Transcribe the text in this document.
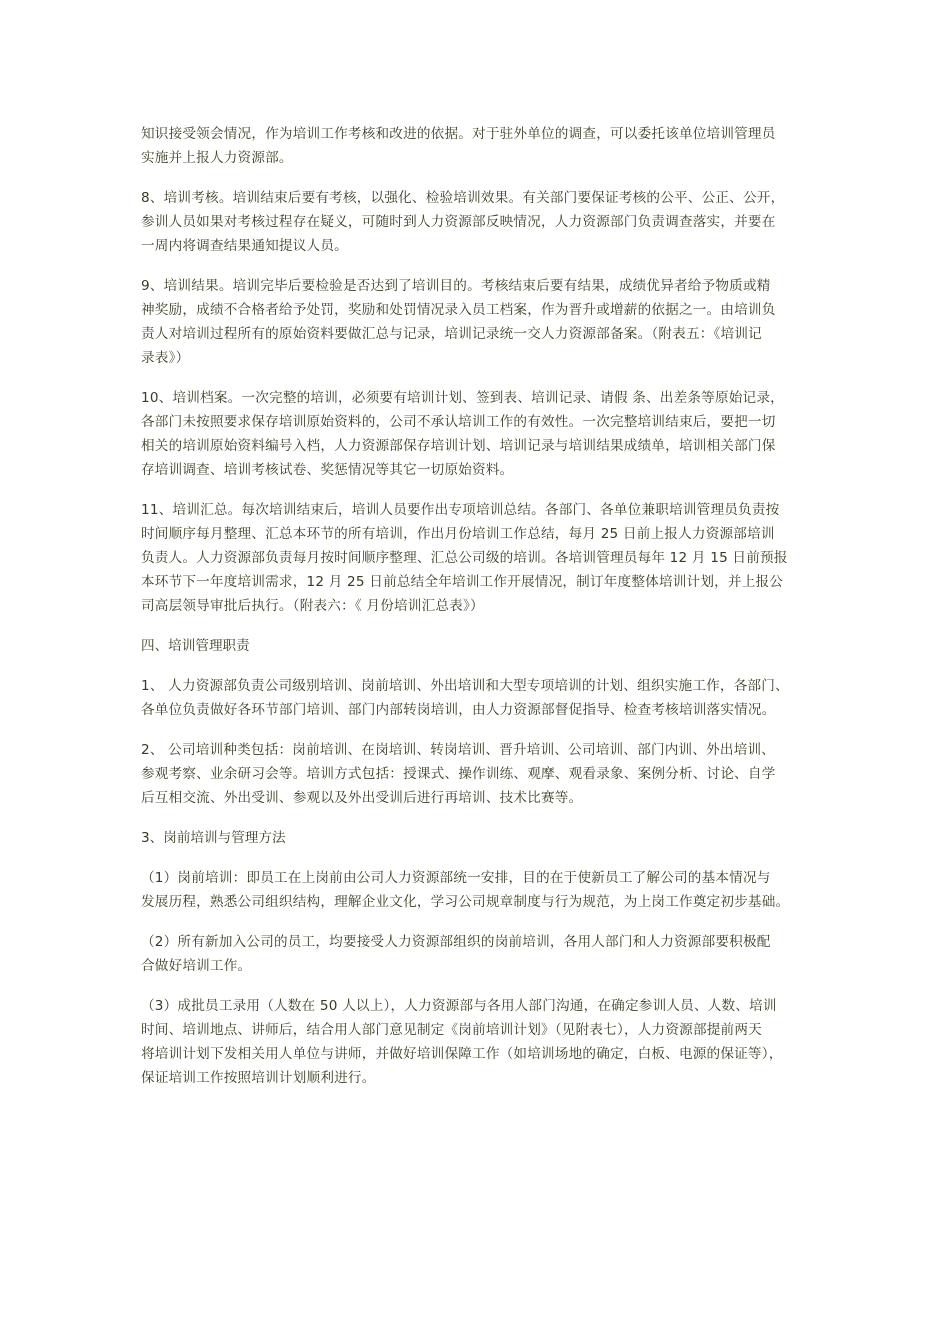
知识接受领会情况，作为培训工作考核和改进的依据。对于驻外单位的调查，可以委托该单位培训管理员
实施并上报人力资源部。
8、培训考核。培训结束后要有考核，以强化、检验培训效果。有关部门要保证考核的公平、公正、公开，
参训人员如果对考核过程存在疑义，可随时到人力资源部反映情况，人力资源部门负责调查落实，并要在
一周内将调查结果通知提议人员。
9、培训结果。培训完毕后要检验是否达到了培训目的。考核结束后要有结果，成绩优异者给予物质或精
神奖励，成绩不合格者给予处罚，奖励和处罚情况录入员工档案，作为晋升或增薪的依据之一。由培训负
责人对培训过程所有的原始资料要做汇总与记录，培训记录统一交人力资源部备案。（附表五：《培训记
录表》）
10、培训档案。一次完整的培训，必须要有培训计划、签到表、培训记录、请假 条、出差条等原始记录，
各部门未按照要求保存培训原始资料的，公司不承认培训工作的有效性。一次完整培训结束后，要把一切
相关的培训原始资料编号入档，人力资源部保存培训计划、培训记录与培训结果成绩单，培训相关部门保
存培训调查、培训考核试卷、奖惩情况等其它一切原始资料。
11、培训汇总。每次培训结束后，培训人员要作出专项培训总结。各部门、各单位兼职培训管理员负责按
时间顺序每月整理、汇总本环节的所有培训，作出月份培训工作总结，每月 25 日前上报人力资源部培训
负责人。人力资源部负责每月按时间顺序整理、汇总公司级的培训。各培训管理员每年 12 月 15 日前预报
本环节下一年度培训需求，12 月 25 日前总结全年培训工作开展情况，制订年度整体培训计划，并上报公
司高层领导审批后执行。（附表六：《 月份培训汇总表》）
四、培训管理职责
1、 人力资源部负责公司级别培训、岗前培训、外出培训和大型专项培训的计划、组织实施工作，各部门、
各单位负责做好各环节部门培训、部门内部转岗培训，由人力资源部督促指导、检查考核培训落实情况。
2、 公司培训种类包括：岗前培训、在岗培训、转岗培训、晋升培训、公司培训、部门内训、外出培训、
参观考察、业余研习会等。培训方式包括：授课式、操作训练、观摩、观看录象、案例分析、讨论、自学
后互相交流、外出受训、参观以及外出受训后进行再培训、技术比赛等。
3、岗前培训与管理方法
（1）岗前培训：即员工在上岗前由公司人力资源部统一安排，目的在于使新员工了解公司的基本情况与
发展历程，熟悉公司组织结构，理解企业文化，学习公司规章制度与行为规范，为上岗工作奠定初步基础。
（2）所有新加入公司的员工，均要接受人力资源部组织的岗前培训，各用人部门和人力资源部要积极配
合做好培训工作。
（3）成批员工录用（人数在 50 人以上），人力资源部与各用人部门沟通，在确定参训人员、人数、培训
时间、培训地点、讲师后，结合用人部门意见制定《岗前培训计划》（见附表七），人力资源部提前两天
将培训计划下发相关用人单位与讲师，并做好培训保障工作（如培训场地的确定，白板、电源的保证等），
保证培训工作按照培训计划顺利进行。
